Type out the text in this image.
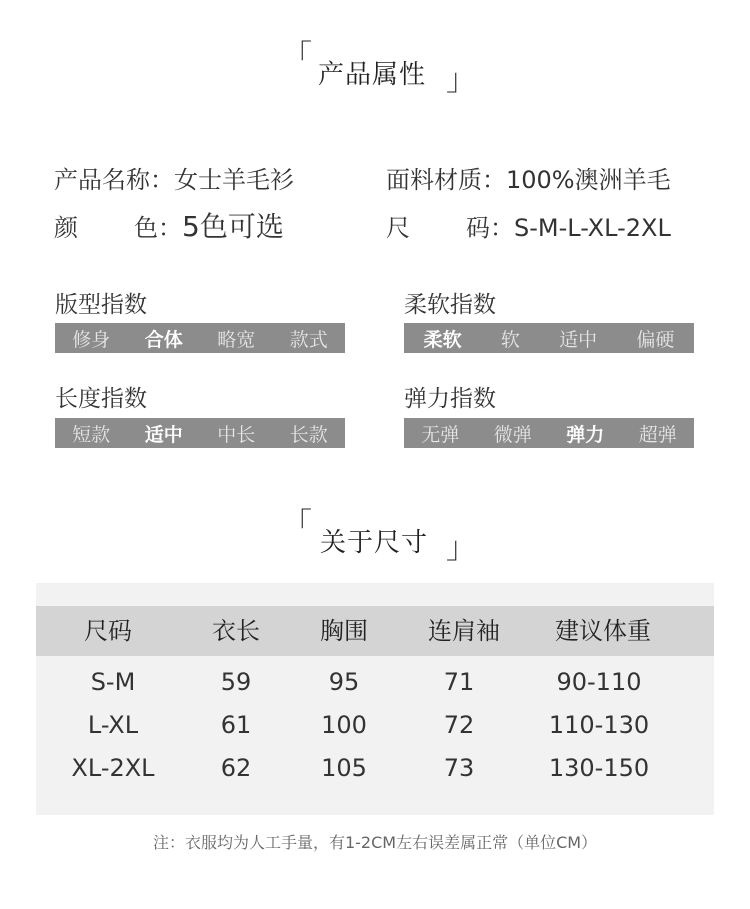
「
产品属性 」
产品名称：女士羊毛衫	面料材质：100%澳洲羊毛
颜 色：5色可选	尺 码：S-M-L-XL-2XL
版型指数
修身 合体 略宽 款式
柔软指数
柔软 软 适中 偏硬
长度指数
短款 适中 中长 长款
弹力指数
无弹 微弹 弹力 超弹
「
关于尺寸 」
尺码	衣长	胸围	连肩袖	建议体重
S-M	59	95	71	90-110
L-XL	61	100	72	110-130
XL-2XL	62	105	73	130-150
注：衣服均为人工手量，有1-2CM左右误差属正常（单位CM）
